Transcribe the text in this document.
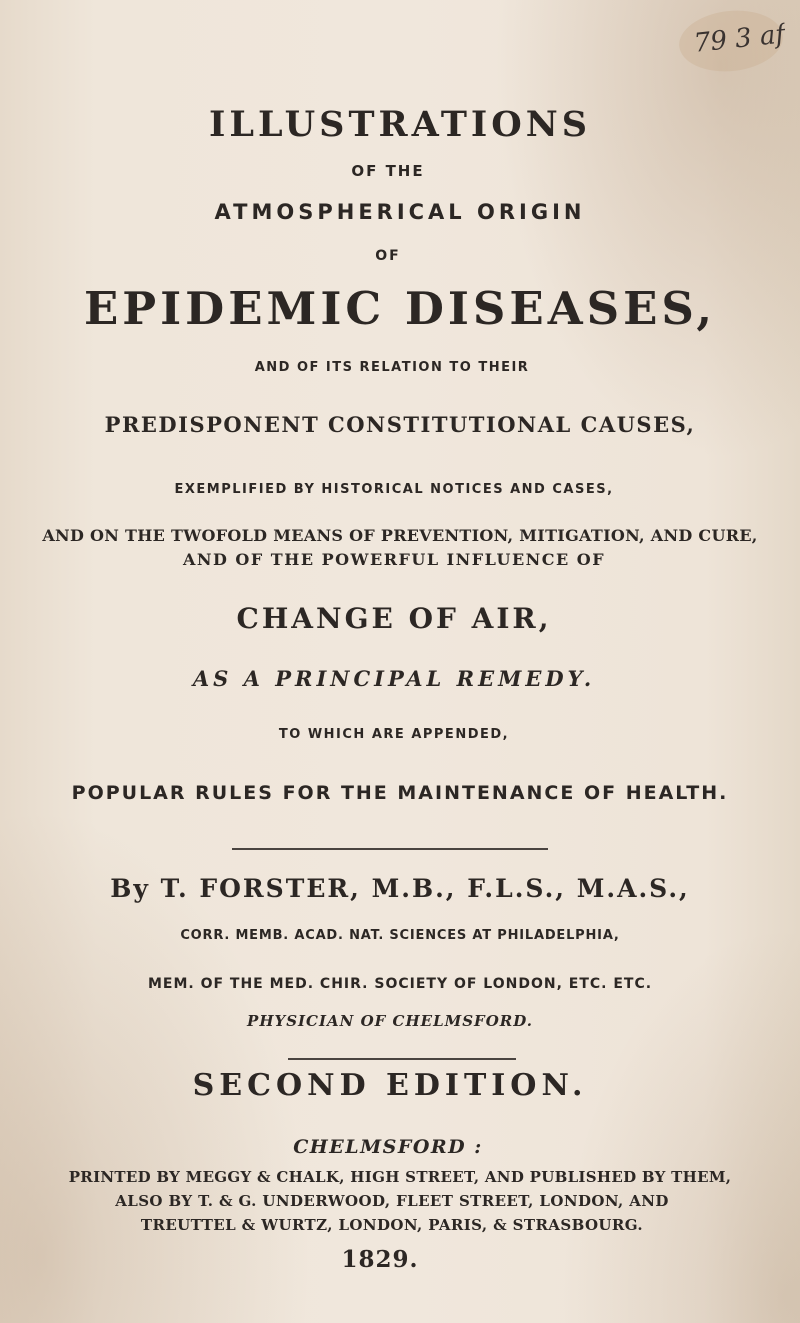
79 3 af
ILLUSTRATIONS
OF THE
ATMOSPHERICAL ORIGIN
OF
EPIDEMIC DISEASES,
AND OF ITS RELATION TO THEIR
PREDISPONENT CONSTITUTIONAL CAUSES,
EXEMPLIFIED BY HISTORICAL NOTICES AND CASES,
AND ON THE TWOFOLD MEANS OF PREVENTION, MITIGATION, AND CURE,
AND OF THE POWERFUL INFLUENCE OF
CHANGE OF AIR,
AS A PRINCIPAL REMEDY.
TO WHICH ARE APPENDED,
POPULAR RULES FOR THE MAINTENANCE OF HEALTH.
By T. FORSTER, M.B., F.L.S., M.A.S.,
CORR. MEMB. ACAD. NAT. SCIENCES AT PHILADELPHIA,
MEM. OF THE MED. CHIR. SOCIETY OF LONDON, ETC. ETC.
PHYSICIAN OF CHELMSFORD.
SECOND EDITION.
CHELMSFORD :
PRINTED BY MEGGY & CHALK, HIGH STREET, AND PUBLISHED BY THEM,
ALSO BY T. & G. UNDERWOOD, FLEET STREET, LONDON, AND
TREUTTEL & WURTZ, LONDON, PARIS, & STRASBOURG.
1829.
